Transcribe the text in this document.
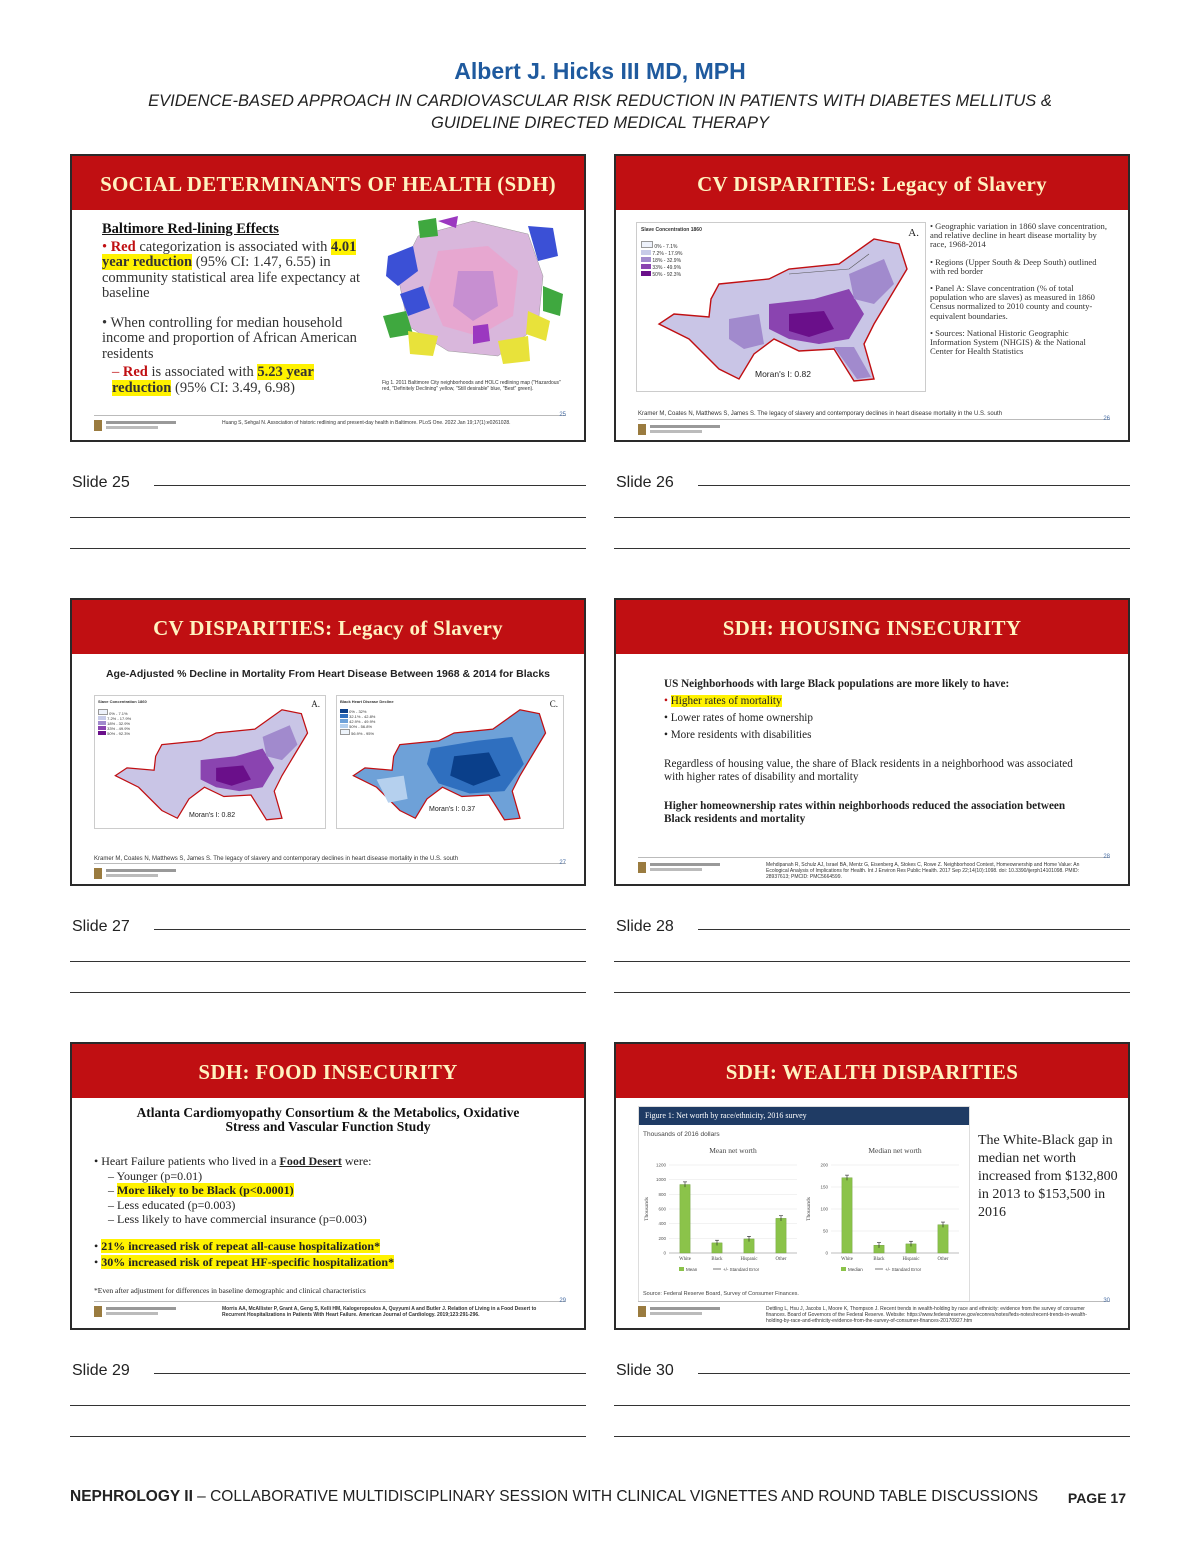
Albert J. Hicks III MD, MPH
EVIDENCE-BASED APPROACH IN CARDIOVASCULAR RISK REDUCTION IN PATIENTS WITH DIABETES MELLITUS &
GUIDELINE DIRECTED MEDICAL THERAPY
SOCIAL DETERMINANTS OF HEALTH (SDH)
Baltimore Red-lining Effects
• Red categorization is associated with 4.01 year reduction (95% CI: 1.47, 6.55) in community statistical area life expectancy at baseline
• When controlling for median household income and proportion of African American residents
– Red is associated with 5.23 year reduction (95% CI: 3.49, 6.98)	Fig 1. 2011 Baltimore City neighborhoods and HOLC redlining map ("Hazardous" red, "Definitely Declining" yellow, "Still desirable" blue, "Best" green).
Huang S, Sehgal N. Association of historic redlining and present-day health in Baltimore. PLoS One. 2022 Jan 19;17(1):e0261028.
25
Slide 25
CV DISPARITIES: Legacy of Slavery
Slave Concentration 1860
0% - 7.1%
7.2% - 17.9%
18% - 32.9%
33% - 49.9%
50% - 92.3%
A.
Moran's I: 0.82
• Geographic variation in 1860 slave concentration, and relative decline in heart disease mortality by race, 1968-2014
• Regions (Upper South & Deep South) outlined with red border
• Panel A: Slave concentration (% of total population who are slaves) as measured in 1860 Census normalized to 2010 county and county-equivalent boundaries.
• Sources: National Historic Geographic Information System (NHGIS) & the National Center for Health Statistics
Kramer M, Coates N, Matthews S, James S. The legacy of slavery and contemporary declines in heart disease mortality in the U.S. south
26
Slide 26
CV DISPARITIES: Legacy of Slavery
Age-Adjusted % Decline in Mortality From Heart Disease Between 1968 & 2014 for Blacks
Slave Concentration 1860
0% - 7.1%
7.2% - 17.9%
18% - 32.9%
33% - 49.9%
50% - 92.3%
A.
Moran's I: 0.82
Black Heart Disease Decline
0% - 32%
32.1% - 42.8%
42.9% - 49.9%
50% - 56.8%
56.9% - 95%
C.
Moran's I: 0.37
Kramer M, Coates N, Matthews S, James S. The legacy of slavery and contemporary declines in heart disease mortality in the U.S. south
27
Slide 27
SDH: HOUSING INSECURITY
US Neighborhoods with large Black populations are more likely to have:
• Higher rates of mortality
• Lower rates of home ownership
• More residents with disabilities
Regardless of housing value, the share of Black residents in a neighborhood was associated with higher rates of disability and mortality
Higher homeownership rates within neighborhoods reduced the association between Black residents and mortality
Mehdipanah R, Schulz AJ, Israel BA, Mentz G, Eisenberg A, Stokes C, Rowe Z. Neighborhood Context, Homeownership and Home Value: An Ecological Analysis of Implications for Health. Int J Environ Res Public Health. 2017 Sep 22;14(10):1098. doi: 10.3390/ijerph14101098. PMID: 28937613; PMCID: PMC5664599.
28
Slide 28
SDH: FOOD INSECURITY
Atlanta Cardiomyopathy Consortium & the Metabolics, Oxidative
Stress and Vascular Function Study
• Heart Failure patients who lived in a Food Desert were:
– Younger (p=0.01)
– More likely to be Black (p<0.0001)
– Less educated (p=0.003)
– Less likely to have commercial insurance (p=0.003)
• 21% increased risk of repeat all-cause hospitalization*
• 30% increased risk of repeat HF-specific hospitalization*
*Even after adjustment for differences in baseline demographic and clinical characteristics
Morris AA, McAllister P, Grant A, Geng S, Kelli HM, Kalogeropoulos A, Quyyumi A and Butler J. Relation of Living in a Food Desert to Recurrent Hospitalizations in Patients With Heart Failure. American Journal of Cardiology. 2019;123:291-296.
29
Slide 29
SDH: WEALTH DISPARITIES
Figure 1: Net worth by race/ethnicity, 2016 survey
Thousands of 2016 dollars
Mean net worth
Thousands
0
200
400
600
800
1000
1200
White	Black	Hispanic	Other
Mean	+/- Standard Error
Median net worth
Thousands
0
50
100
150
200
White	Black	Hispanic	Other
Median	+/- Standard Error
Source: Federal Reserve Board, Survey of Consumer Finances.
The White-Black gap in median net worth increased from $132,800 in 2013 to $153,500 in 2016
Dettling L, Hsu J, Jacobs L, Moore K, Thompson J. Recent trends in wealth-holding by race and ethnicity: evidence from the survey of consumer finances. Board of Governors of the Federal Reserve. Website: https://www.federalreserve.gov/econres/notes/feds-notes/recent-trends-in-wealth-holding-by-race-and-ethnicity-evidence-from-the-survey-of-consumer-finances-20170927.htm
30
Slide 30
NEPHROLOGY II – COLLABORATIVE MULTIDISCIPLINARY SESSION WITH CLINICAL VIGNETTES AND ROUND TABLE DISCUSSIONS PAGE 17
